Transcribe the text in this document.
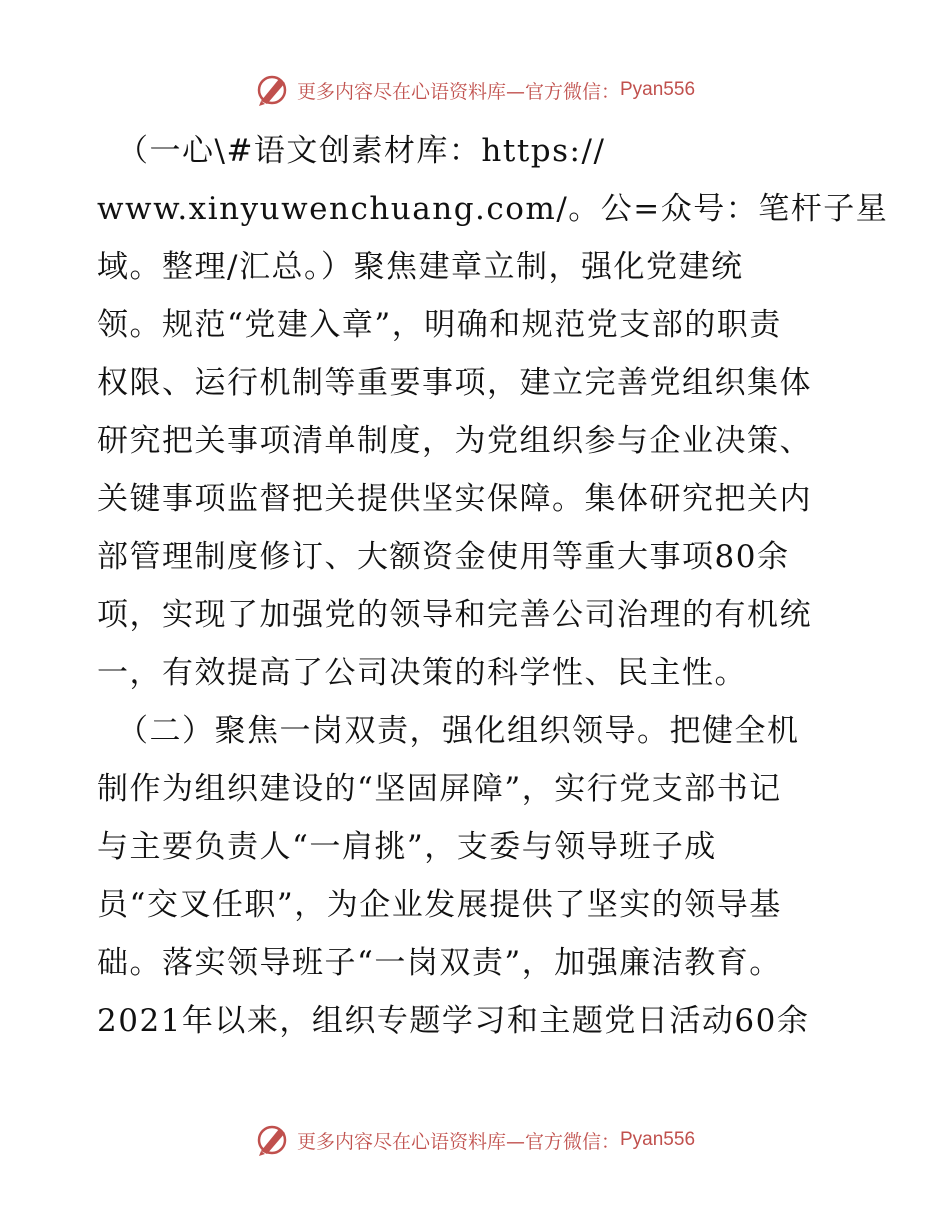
更多内容尽在心语资料库—官方微信： Pyan556
（一心\#语文创素材库：https://
www.xinyuwenchuang.com/。公=众号：笔杆子星
域。整理/汇总。）聚焦建章立制，强化党建统
领。规范“党建入章”，明确和规范党支部的职责
权限、运行机制等重要事项，建立完善党组织集体
研究把关事项清单制度，为党组织参与企业决策、
关键事项监督把关提供坚实保障。集体研究把关内
部管理制度修订、大额资金使用等重大事项80余
项，实现了加强党的领导和完善公司治理的有机统
一，有效提高了公司决策的科学性、民主性。
（二）聚焦一岗双责，强化组织领导。把健全机
制作为组织建设的“坚固屏障”，实行党支部书记
与主要负责人“一肩挑”，支委与领导班子成
员“交叉任职”，为企业发展提供了坚实的领导基
础。落实领导班子“一岗双责”，加强廉洁教育。
2021年以来，组织专题学习和主题党日活动60余
更多内容尽在心语资料库—官方微信： Pyan556
